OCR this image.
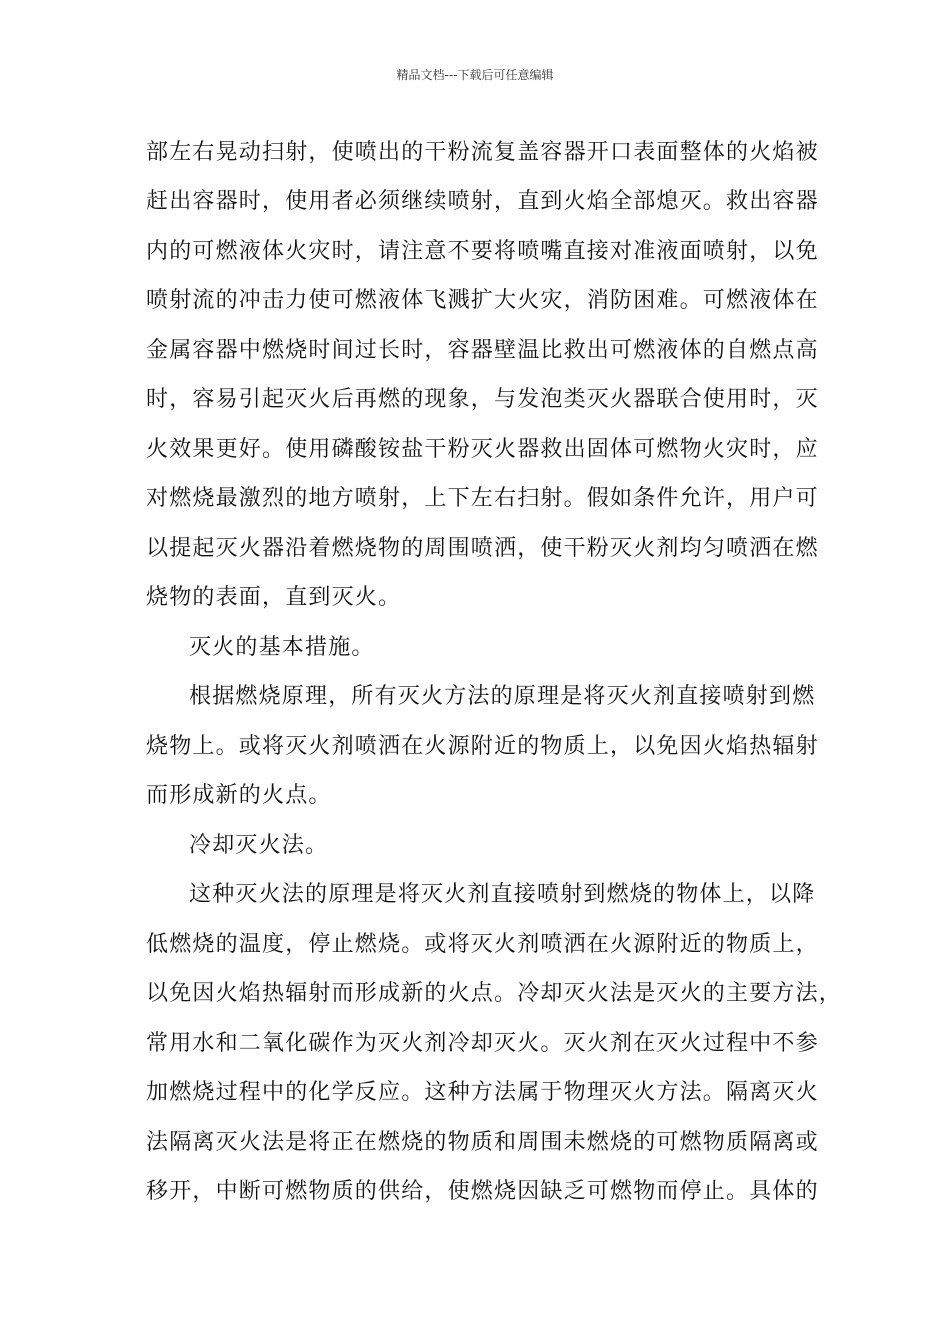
精品文档---下载后可任意编辑
部左右晃动扫射，使喷出的干粉流复盖容器开口表面整体的火焰被
赶出容器时，使用者必须继续喷射，直到火焰全部熄灭。救出容器
内的可燃液体火灾时，请注意不要将喷嘴直接对准液面喷射，以免
喷射流的冲击力使可燃液体飞溅扩大火灾，消防困难。可燃液体在
金属容器中燃烧时间过长时，容器壁温比救出可燃液体的自燃点高
时，容易引起灭火后再燃的现象，与发泡类灭火器联合使用时，灭
火效果更好。使用磷酸铵盐干粉灭火器救出固体可燃物火灾时，应
对燃烧最激烈的地方喷射，上下左右扫射。假如条件允许，用户可
以提起灭火器沿着燃烧物的周围喷洒，使干粉灭火剂均匀喷洒在燃
烧物的表面，直到灭火。
灭火的基本措施。
根据燃烧原理，所有灭火方法的原理是将灭火剂直接喷射到燃
烧物上。或将灭火剂喷洒在火源附近的物质上，以免因火焰热辐射
而形成新的火点。
冷却灭火法。
这种灭火法的原理是将灭火剂直接喷射到燃烧的物体上，以降
低燃烧的温度，停止燃烧。或将灭火剂喷洒在火源附近的物质上，
以免因火焰热辐射而形成新的火点。冷却灭火法是灭火的主要方法，
常用水和二氧化碳作为灭火剂冷却灭火。灭火剂在灭火过程中不参
加燃烧过程中的化学反应。这种方法属于物理灭火方法。隔离灭火
法隔离灭火法是将正在燃烧的物质和周围未燃烧的可燃物质隔离或
移开，中断可燃物质的供给，使燃烧因缺乏可燃物而停止。具体的
